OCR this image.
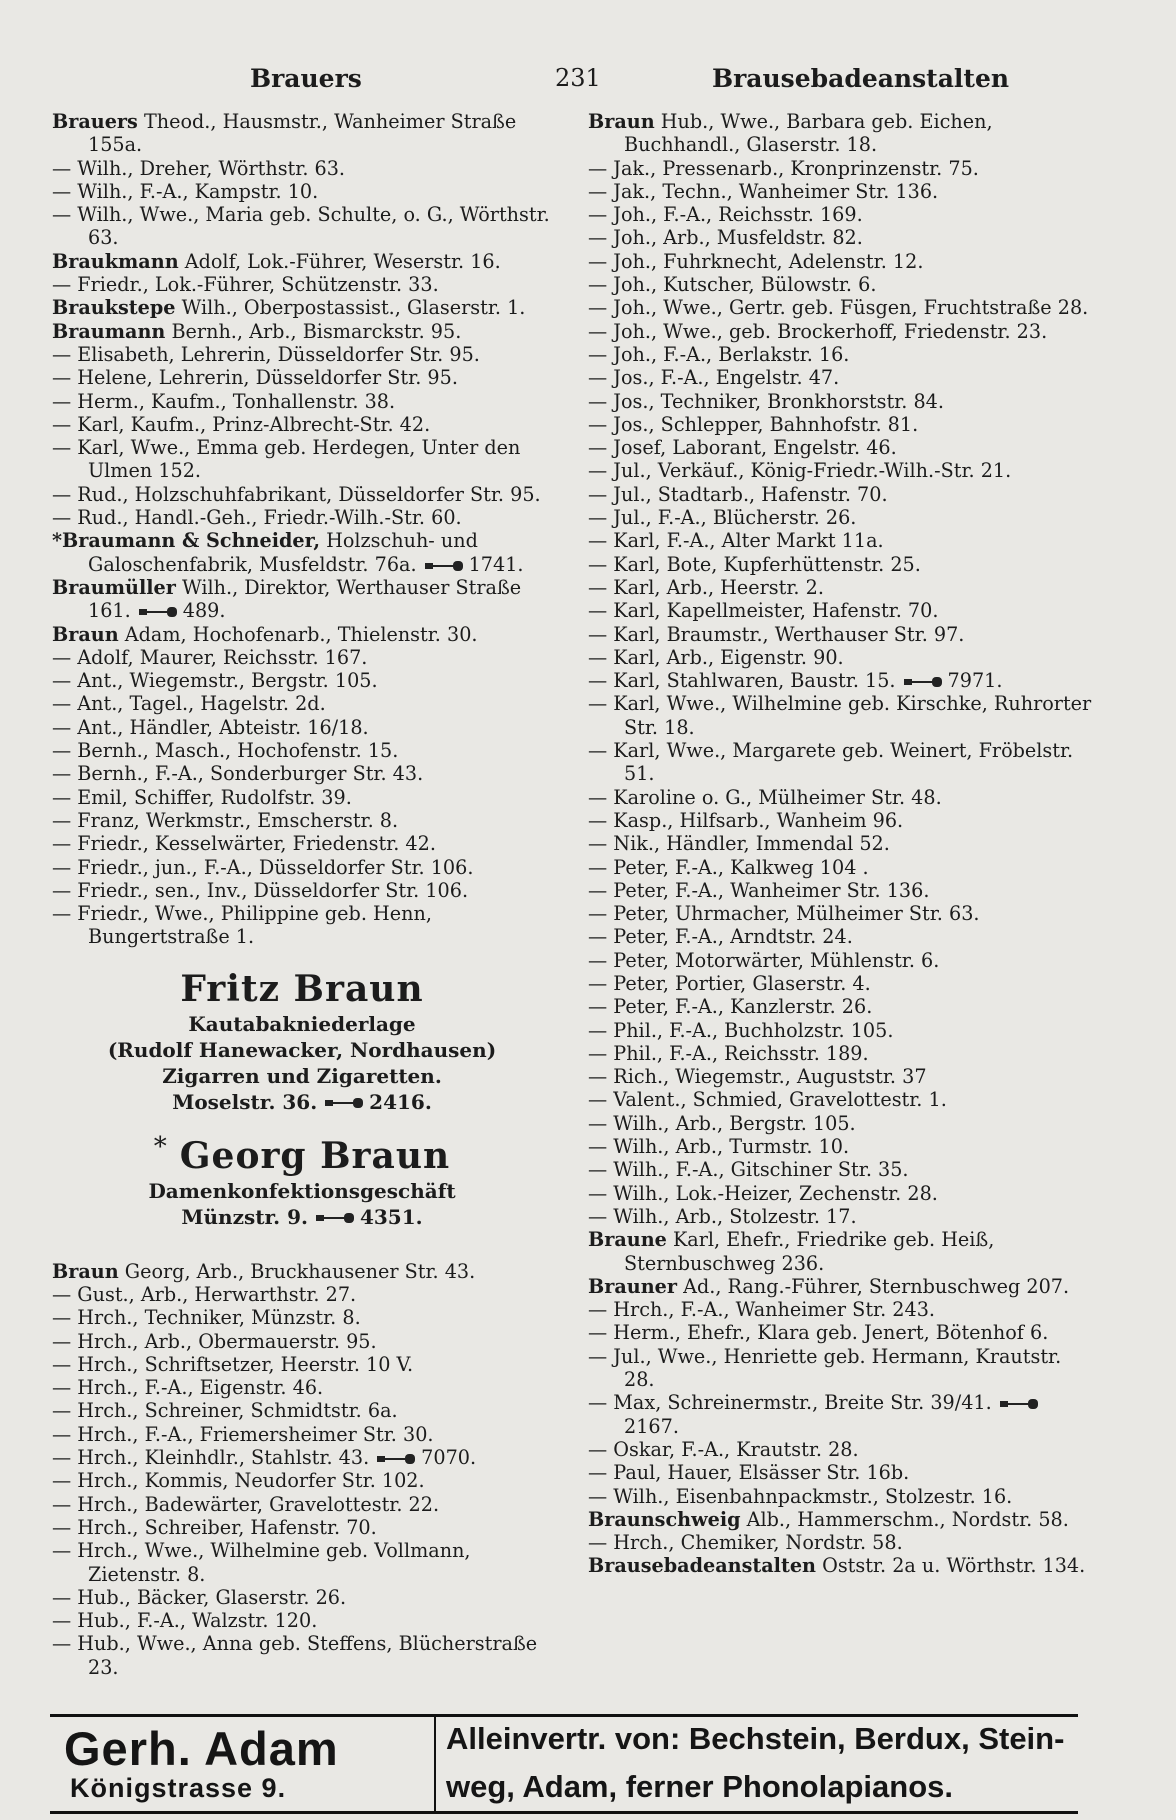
Brauers	231	Brausebadeanstalten

Brauers Theod., Hausmstr., Wanheimer Straße 155a.

— Wilh., Dreher, Wörthstr. 63.

— Wilh., F.-A., Kampstr. 10.

— Wilh., Wwe., Maria geb. Schulte, o. G., Wörthstr. 63.

Braukmann Adolf, Lok.-Führer, Weserstr. 16.

— Friedr., Lok.-Führer, Schützenstr. 33.

Braukstepe Wilh., Oberpostassist., Glaserstr. 1.

Braumann Bernh., Arb., Bismarckstr. 95.

— Elisabeth, Lehrerin, Düsseldorfer Str. 95.

— Helene, Lehrerin, Düsseldorfer Str. 95.

— Herm., Kaufm., Tonhallenstr. 38.

— Karl, Kaufm., Prinz-Albrecht-Str. 42.

— Karl, Wwe., Emma geb. Herdegen, Unter den Ulmen 152.

— Rud., Holzschuhfabrikant, Düsseldorfer Str. 95.

— Rud., Handl.-Geh., Friedr.-Wilh.-Str. 60.

*Braumann & Schneider, Holzschuh- und Galoschenfabrik, Musfeldstr. 76a.	1741.

Braumüller Wilh., Direktor, Werthauser Straße 161.	489.

Braun Adam, Hochofenarb., Thielenstr. 30.

— Adolf, Maurer, Reichsstr. 167.

— Ant., Wiegemstr., Bergstr. 105.

— Ant., Tagel., Hagelstr. 2d.

— Ant., Händler, Abteistr. 16/18.

— Bernh., Masch., Hochofenstr. 15.

— Bernh., F.-A., Sonderburger Str. 43.

— Emil, Schiffer, Rudolfstr. 39.

— Franz, Werkmstr., Emscherstr. 8.

— Friedr., Kesselwärter, Friedenstr. 42.

— Friedr., jun., F.-A., Düsseldorfer Str. 106.

— Friedr., sen., Inv., Düsseldorfer Str. 106.

— Friedr., Wwe., Philippine geb. Henn, Bungertstraße 1.

Fritz Braun
Kautabakniederlage
(Rudolf Hanewacker, Nordhausen)
Zigarren und Zigaretten.
Moselstr. 36.	2416.
* Georg Braun
Damenkonfektionsgeschäft
Münzstr. 9.	4351.

Braun Georg, Arb., Bruckhausener Str. 43.

— Gust., Arb., Herwarthstr. 27.

— Hrch., Techniker, Münzstr. 8.

— Hrch., Arb., Obermauerstr. 95.

— Hrch., Schriftsetzer, Heerstr. 10 V.

— Hrch., F.-A., Eigenstr. 46.

— Hrch., Schreiner, Schmidtstr. 6a.

— Hrch., F.-A., Friemersheimer Str. 30.

— Hrch., Kleinhdlr., Stahlstr. 43.	7070.

— Hrch., Kommis, Neudorfer Str. 102.

— Hrch., Badewärter, Gravelottestr. 22.

— Hrch., Schreiber, Hafenstr. 70.

— Hrch., Wwe., Wilhelmine geb. Vollmann, Zietenstr. 8.

— Hub., Bäcker, Glaserstr. 26.

— Hub., F.-A., Walzstr. 120.

— Hub., Wwe., Anna geb. Steffens, Blücherstraße 23.

Braun Hub., Wwe., Barbara geb. Eichen, Buchhandl., Glaserstr. 18.

— Jak., Pressenarb., Kronprinzenstr. 75.

— Jak., Techn., Wanheimer Str. 136.

— Joh., F.-A., Reichsstr. 169.

— Joh., Arb., Musfeldstr. 82.

— Joh., Fuhrknecht, Adelenstr. 12.

— Joh., Kutscher, Bülowstr. 6.

— Joh., Wwe., Gertr. geb. Füsgen, Fruchtstraße 28.

— Joh., Wwe., geb. Brockerhoff, Friedenstr. 23.

— Joh., F.-A., Berlakstr. 16.

— Jos., F.-A., Engelstr. 47.

— Jos., Techniker, Bronkhorststr. 84.

— Jos., Schlepper, Bahnhofstr. 81.

— Josef, Laborant, Engelstr. 46.

— Jul., Verkäuf., König-Friedr.-Wilh.-Str. 21.

— Jul., Stadtarb., Hafenstr. 70.

— Jul., F.-A., Blücherstr. 26.

— Karl, F.-A., Alter Markt 11a.

— Karl, Bote, Kupferhüttenstr. 25.

— Karl, Arb., Heerstr. 2.

— Karl, Kapellmeister, Hafenstr. 70.

— Karl, Braumstr., Werthauser Str. 97.

— Karl, Arb., Eigenstr. 90.

— Karl, Stahlwaren, Baustr. 15.	7971.

— Karl, Wwe., Wilhelmine geb. Kirschke, Ruhrorter Str. 18.

— Karl, Wwe., Margarete geb. Weinert, Fröbelstr. 51.

— Karoline o. G., Mülheimer Str. 48.

— Kasp., Hilfsarb., Wanheim 96.

— Nik., Händler, Immendal 52.

— Peter, F.-A., Kalkweg 104 .

— Peter, F.-A., Wanheimer Str. 136.

— Peter, Uhrmacher, Mülheimer Str. 63.

— Peter, F.-A., Arndtstr. 24.

— Peter, Motorwärter, Mühlenstr. 6.

— Peter, Portier, Glaserstr. 4.

— Peter, F.-A., Kanzlerstr. 26.

— Phil., F.-A., Buchholzstr. 105.

— Phil., F.-A., Reichsstr. 189.

— Rich., Wiegemstr., Auguststr. 37

— Valent., Schmied, Gravelottestr. 1.

— Wilh., Arb., Bergstr. 105.

— Wilh., Arb., Turmstr. 10.

— Wilh., F.-A., Gitschiner Str. 35.

— Wilh., Lok.-Heizer, Zechenstr. 28.

— Wilh., Arb., Stolzestr. 17.

Braune Karl, Ehefr., Friedrike geb. Heiß, Sternbuschweg 236.

Brauner Ad., Rang.-Führer, Sternbuschweg 207.

— Hrch., F.-A., Wanheimer Str. 243.

— Herm., Ehefr., Klara geb. Jenert, Bötenhof 6.

— Jul., Wwe., Henriette geb. Hermann, Krautstr. 28.

— Max, Schreinermstr., Breite Str. 39/41.2167.

— Oskar, F.-A., Krautstr. 28.

— Paul, Hauer, Elsässer Str. 16b.

— Wilh., Eisenbahnpackmstr., Stolzestr. 16.

Braunschweig Alb., Hammerschm., Nordstr. 58.

— Hrch., Chemiker, Nordstr. 58.

Brausebadeanstalten Oststr. 2a u. Wörthstr. 134.

Gerh. Adam
Königstrasse 9.
Alleinvertr. von: Bechstein, Berdux, Stein-
weg, Adam, ferner Phonolapianos.
